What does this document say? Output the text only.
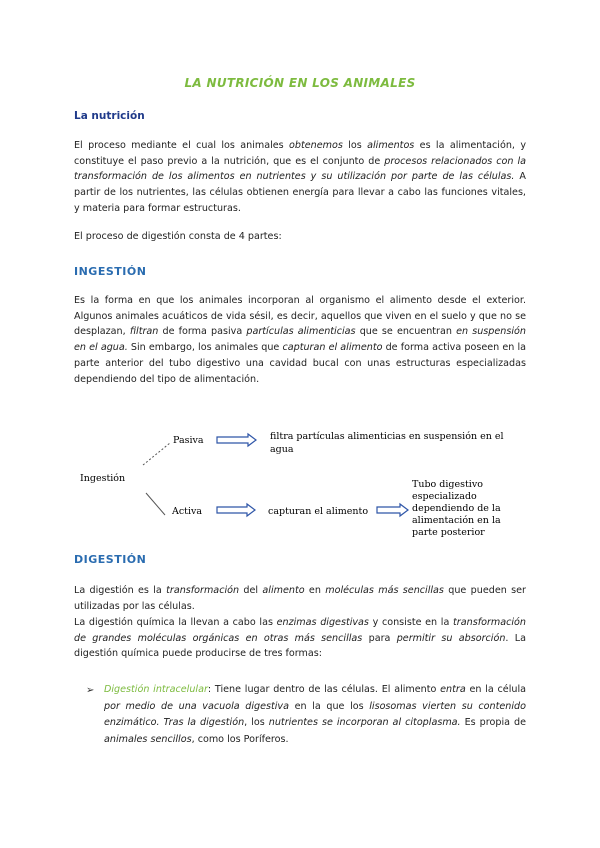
LA NUTRICIÓN EN LOS ANIMALES
La nutrición
El proceso mediante el cual los animales obtenemos los alimentos es la alimentación, y constituye el paso previo a la nutrición, que es el conjunto de procesos relacionados con la transformación de los alimentos en nutrientes y su utilización por parte de las células. A partir de los nutrientes, las células obtienen energía para llevar a cabo las funciones vitales, y materia para formar estructuras.
El proceso de digestión consta de 4 partes:
INGESTIÓN
Es la forma en que los animales incorporan al organismo el alimento desde el exterior. Algunos animales acuáticos de vida sésil, es decir, aquellos que viven en el suelo y que no se desplazan, filtran de forma pasiva partículas alimenticias que se encuentran en suspensión en el agua. Sin embargo, los animales que capturan el alimento de forma activa poseen en la parte anterior del tubo digestivo una cavidad bucal con unas estructuras especializadas dependiendo del tipo de alimentación.
Ingestión
Pasiva	filtra partículas alimenticias en suspensión en el
agua
Activa	capturan el alimento
Tubo digestivo
especializado
dependiendo de la
alimentación en la
parte posterior
DIGESTIÓN
La digestión es la transformación del alimento en moléculas más sencillas que pueden ser utilizadas por las células.
La digestión química la llevan a cabo las enzimas digestivas y consiste en la transformación de grandes moléculas orgánicas en otras más sencillas para permitir su absorción. La digestión química puede producirse de tres formas:
➢ Digestión intracelular: Tiene lugar dentro de las células. El alimento entra en la célula por medio de una vacuola digestiva en la que los lisosomas vierten su contenido enzimático. Tras la digestión, los nutrientes se incorporan al citoplasma. Es propia de animales sencillos, como los Poríferos.
